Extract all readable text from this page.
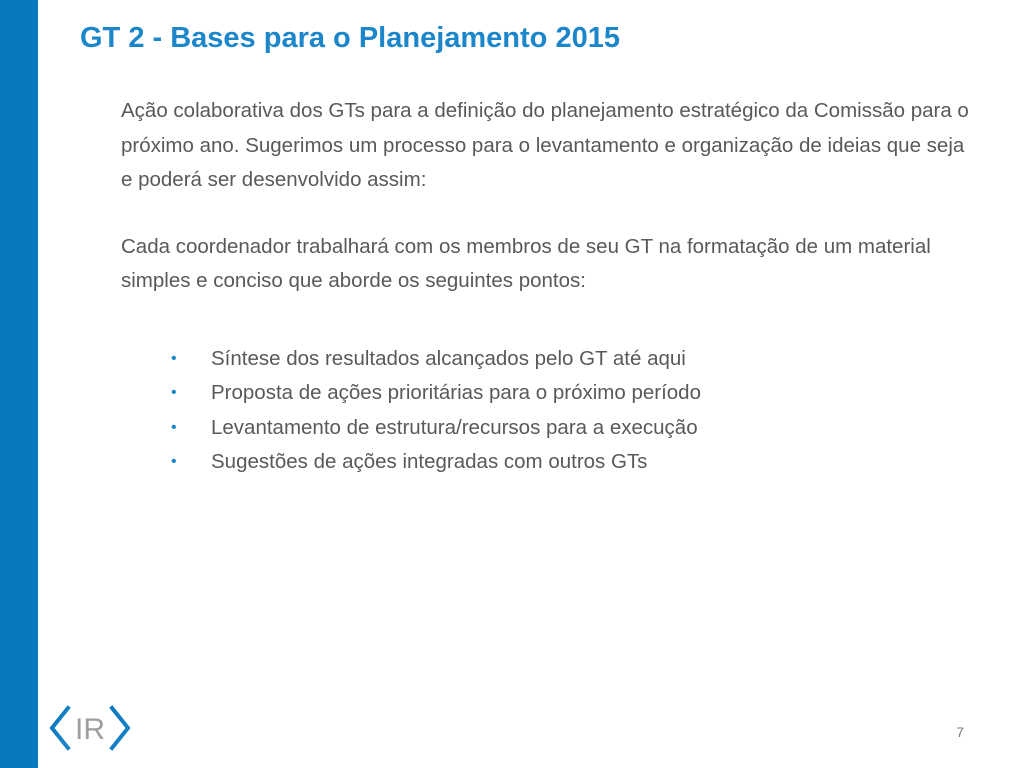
GT 2 - Bases para o Planejamento 2015

Ação colaborativa dos GTs para a definição do planejamento estratégico da Comissão para o próximo ano. Sugerimos um processo para o levantamento e organização de ideias que seja e poderá ser desenvolvido assim:

Cada coordenador trabalhará com os membros de seu GT na formatação de um material simples e conciso que aborde os seguintes pontos:

• Síntese dos resultados alcançados pelo GT até aqui
• Proposta de ações prioritárias para o próximo período
• Levantamento de estrutura/recursos para a execução
• Sugestões de ações integradas com outros GTs
IR	7
